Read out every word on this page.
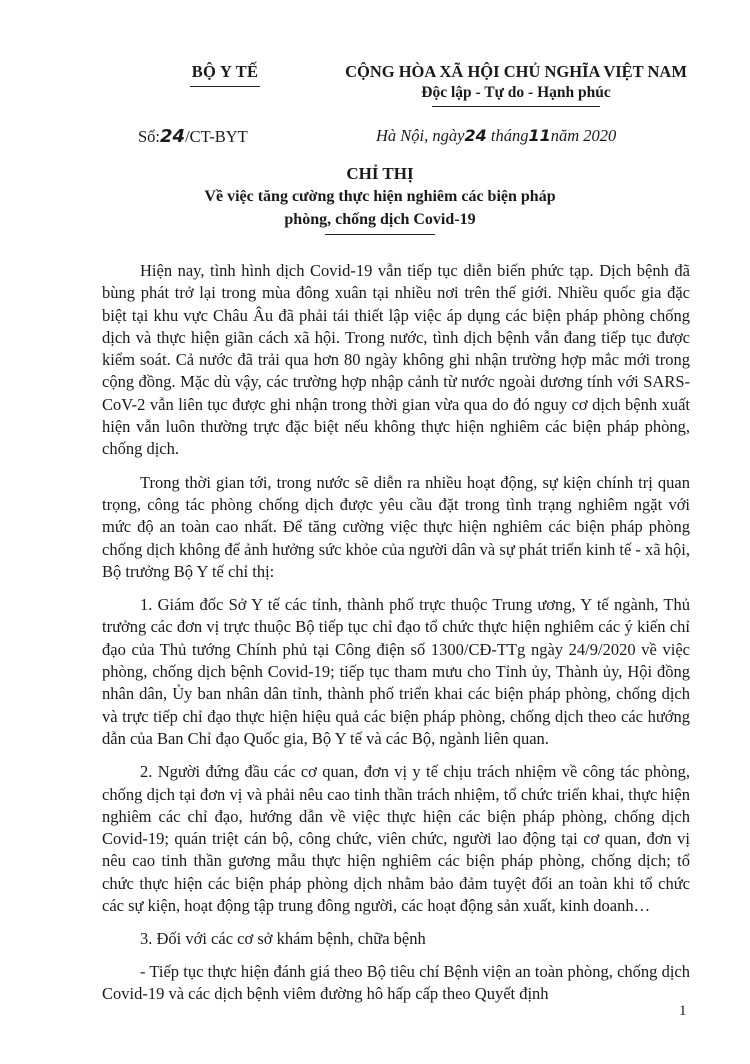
BỘ Y TẾ	CỘNG HÒA XÃ HỘI CHỦ NGHĨA VIỆT NAM
Độc lập - Tự do - Hạnh phúc
Số:24/CT-BYT	Hà Nội, ngày24 tháng11năm 2020
CHỈ THỊ
Về việc tăng cường thực hiện nghiêm các biện pháp
phòng, chống dịch Covid-19

Hiện nay, tình hình dịch Covid-19 vẫn tiếp tục diễn biến phức tạp. Dịch bệnh đã bùng phát trở lại trong mùa đông xuân tại nhiều nơi trên thế giới. Nhiều quốc gia đặc biệt tại khu vực Châu Âu đã phải tái thiết lập việc áp dụng các biện pháp phòng chống dịch và thực hiện giãn cách xã hội. Trong nước, tình dịch bệnh vẫn đang tiếp tục được kiểm soát. Cả nước đã trải qua hơn 80 ngày không ghi nhận trường hợp mắc mới trong cộng đồng. Mặc dù vậy, các trường hợp nhập cảnh từ nước ngoài dương tính với SARS-CoV-2 vẫn liên tục được ghi nhận trong thời gian vừa qua do đó nguy cơ dịch bệnh xuất hiện vẫn luôn thường trực đặc biệt nếu không thực hiện nghiêm các biện pháp phòng, chống dịch.

Trong thời gian tới, trong nước sẽ diễn ra nhiều hoạt động, sự kiện chính trị quan trọng, công tác phòng chống dịch được yêu cầu đặt trong tình trạng nghiêm ngặt với mức độ an toàn cao nhất. Để tăng cường việc thực hiện nghiêm các biện pháp phòng chống dịch không để ảnh hưởng sức khỏe của người dân và sự phát triển kinh tế - xã hội, Bộ trưởng Bộ Y tế chỉ thị:

1. Giám đốc Sở Y tế các tỉnh, thành phố trực thuộc Trung ương, Y tế ngành, Thủ trưởng các đơn vị trực thuộc Bộ tiếp tục chỉ đạo tổ chức thực hiện nghiêm các ý kiến chỉ đạo của Thủ tướng Chính phủ tại Công điện số 1300/CĐ-TTg ngày 24/9/2020 về việc phòng, chống dịch bệnh Covid-19; tiếp tục tham mưu cho Tỉnh ủy, Thành ủy, Hội đồng nhân dân, Ủy ban nhân dân tỉnh, thành phố triển khai các biện pháp phòng, chống dịch và trực tiếp chỉ đạo thực hiện hiệu quả các biện pháp phòng, chống dịch theo các hướng dẫn của Ban Chỉ đạo Quốc gia, Bộ Y tế và các Bộ, ngành liên quan.

2. Người đứng đầu các cơ quan, đơn vị y tế chịu trách nhiệm về công tác phòng, chống dịch tại đơn vị và phải nêu cao tinh thần trách nhiệm, tổ chức triển khai, thực hiện nghiêm các chỉ đạo, hướng dẫn về việc thực hiện các biện pháp phòng, chống dịch Covid-19; quán triệt cán bộ, công chức, viên chức, người lao động tại cơ quan, đơn vị nêu cao tinh thần gương mẫu thực hiện nghiêm các biện pháp phòng, chống dịch; tổ chức thực hiện các biện pháp phòng dịch nhằm bảo đảm tuyệt đối an toàn khi tổ chức các sự kiện, hoạt động tập trung đông người, các hoạt động sản xuất, kinh doanh…

3. Đối với các cơ sở khám bệnh, chữa bệnh

- Tiếp tục thực hiện đánh giá theo Bộ tiêu chí Bệnh viện an toàn phòng, chống dịch Covid-19 và các dịch bệnh viêm đường hô hấp cấp theo Quyết định

1
